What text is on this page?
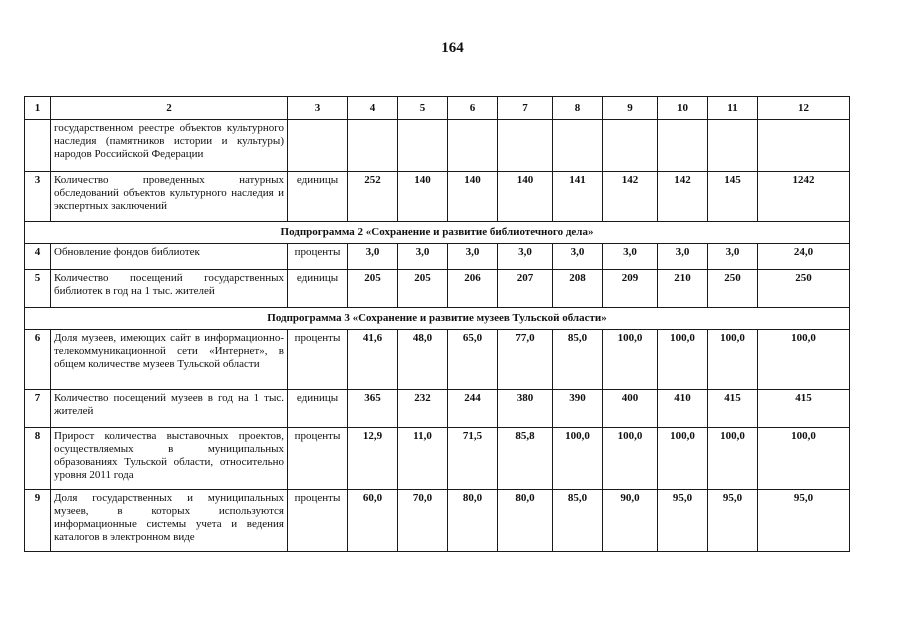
164
1	2	3	4	5	6	7	8	9	10	11	12
	государственном реестре объектов культурного наследия (памятников истории и культуры) народов Российской Федерации										
3	Количество проведенных натурных обследований объектов культурного наследия и экспертных заключений	единицы	252	140	140	140	141	142	142	145	1242
Подпрограмма 2 «Сохранение и развитие библиотечного дела»											
4	Обновление фондов библиотек	проценты	3,0	3,0	3,0	3,0	3,0	3,0	3,0	3,0	24,0
5	Количество посещений государственных библиотек в год на 1 тыс. жителей	единицы	205	205	206	207	208	209	210	250	250
Подпрограмма 3 «Сохранение и развитие музеев Тульской области»											
6	Доля музеев, имеющих сайт в информационно-телекоммуникационной сети «Интернет», в общем количестве музеев Тульской области	проценты	41,6	48,0	65,0	77,0	85,0	100,0	100,0	100,0	100,0
7	Количество посещений музеев в год на 1 тыс. жителей	единицы	365	232	244	380	390	400	410	415	415
8	Прирост количества выставочных проектов, осуществляемых в муниципальных образованиях Тульской области, относительно уровня 2011 года	проценты	12,9	11,0	71,5	85,8	100,0	100,0	100,0	100,0	100,0
9	Доля государственных и муниципальных музеев, в которых используются информационные системы учета и ведения каталогов в электронном виде	проценты	60,0	70,0	80,0	80,0	85,0	90,0	95,0	95,0	95,0
